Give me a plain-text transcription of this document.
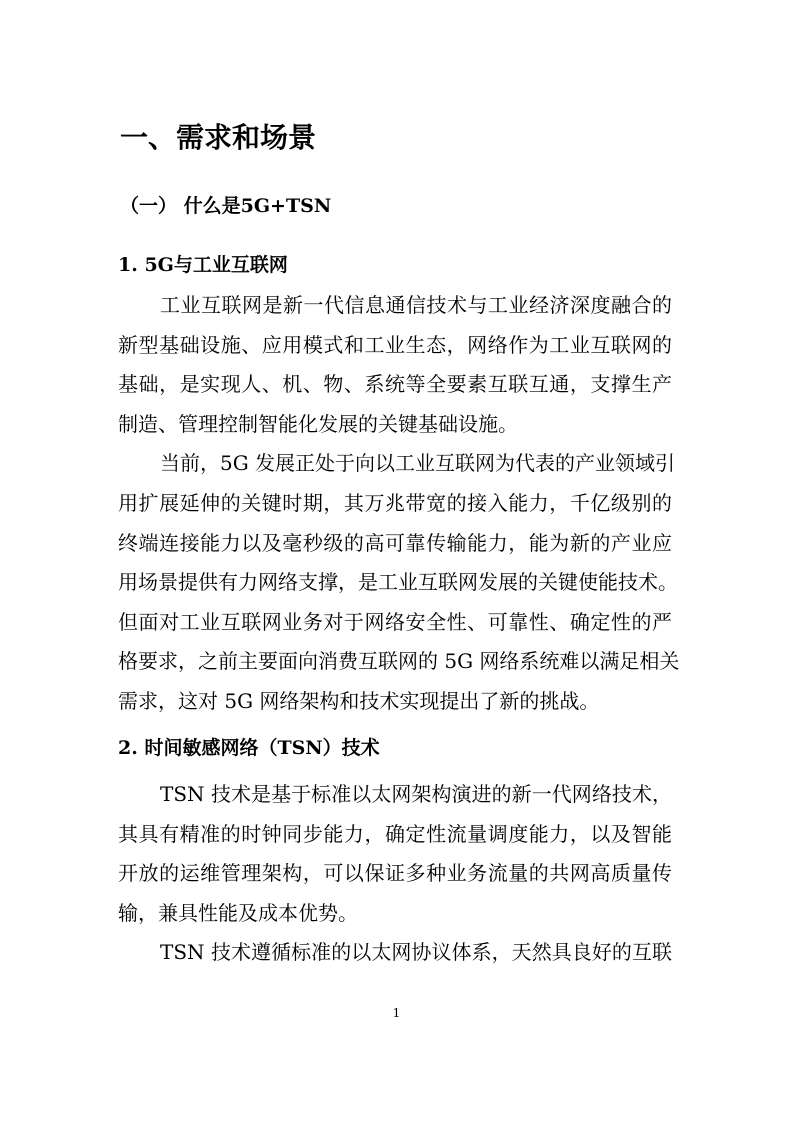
一、需求和场景
（一） 什么是5G+TSN
1. 5G与工业互联网
工业互联网是新一代信息通信技术与工业经济深度融合的
新型基础设施、应用模式和工业生态，网络作为工业互联网的
基础，是实现人、机、物、系统等全要素互联互通，支撑生产
制造、管理控制智能化发展的关键基础设施。
当前，5G 发展正处于向以工业互联网为代表的产业领域引
用扩展延伸的关键时期，其万兆带宽的接入能力，千亿级别的
终端连接能力以及毫秒级的高可靠传输能力，能为新的产业应
用场景提供有力网络支撑，是工业互联网发展的关键使能技术。
但面对工业互联网业务对于网络安全性、可靠性、确定性的严
格要求，之前主要面向消费互联网的 5G 网络系统难以满足相关
需求，这对 5G 网络架构和技术实现提出了新的挑战。
2. 时间敏感网络（TSN）技术
TSN 技术是基于标准以太网架构演进的新一代网络技术，
其具有精准的时钟同步能力，确定性流量调度能力，以及智能
开放的运维管理架构，可以保证多种业务流量的共网高质量传
输，兼具性能及成本优势。
TSN 技术遵循标准的以太网协议体系，天然具良好的互联
1
